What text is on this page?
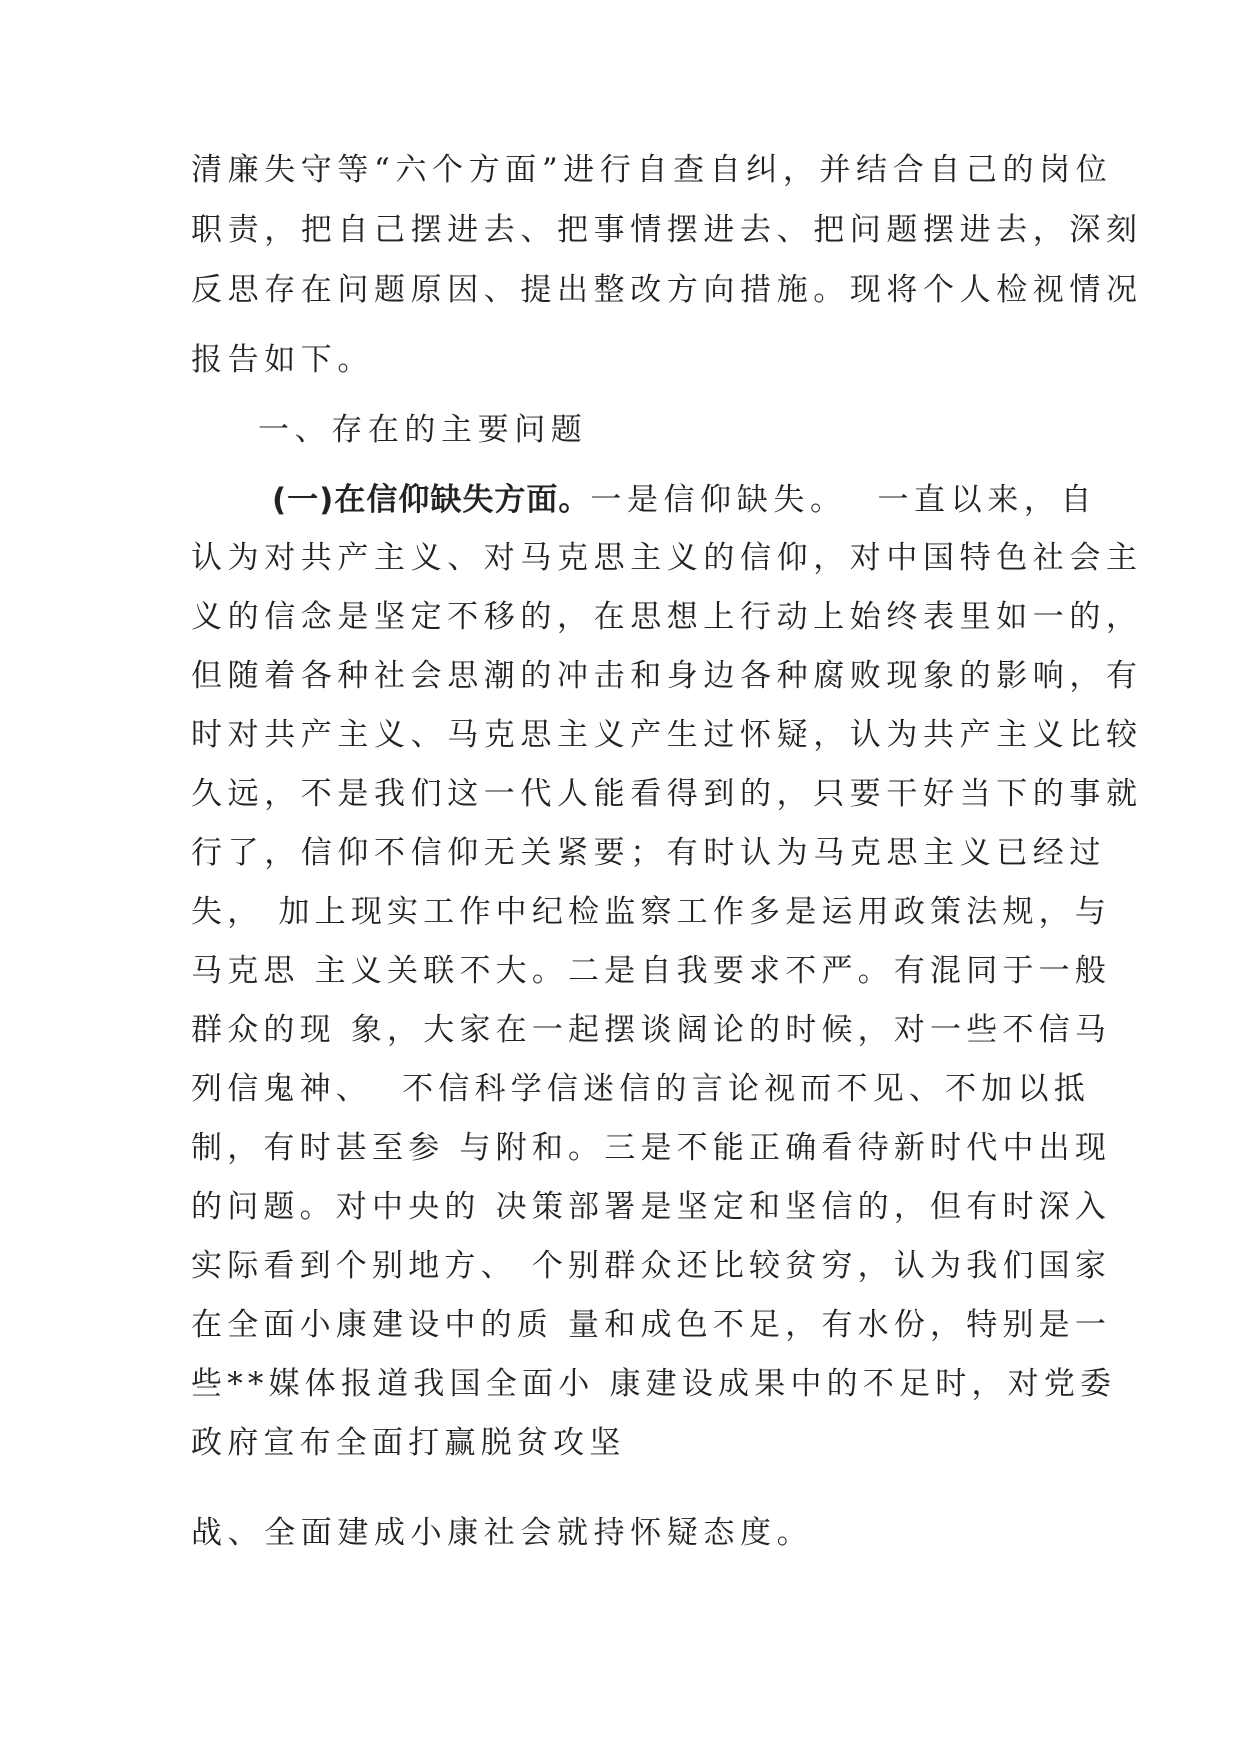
清廉失守等“六个方面”进行自查自纠，并结合自己的岗位
职责，把自己摆进去、把事情摆进去、把问题摆进去，深刻
反思存在问题原因、提出整改方向措施。现将个人检视情况
报告如下。
一、存在的主要问题
(一)在信仰缺失方面。一是信仰缺失。  一直以来，自
认为对共产主义、对马克思主义的信仰，对中国特色社会主
义的信念是坚定不移的，在思想上行动上始终表里如一的，
但随着各种社会思潮的冲击和身边各种腐败现象的影响，有
时对共产主义、马克思主义产生过怀疑，认为共产主义比较
久远，不是我们这一代人能看得到的，只要干好当下的事就
行了，信仰不信仰无关紧要；有时认为马克思主义已经过
失， 加上现实工作中纪检监察工作多是运用政策法规，与
马克思 主义关联不大。二是自我要求不严。有混同于一般
群众的现 象，大家在一起摆谈阔论的时候，对一些不信马
列信鬼神、  不信科学信迷信的言论视而不见、不加以抵
制，有时甚至参 与附和。三是不能正确看待新时代中出现
的问题。对中央的 决策部署是坚定和坚信的，但有时深入
实际看到个别地方、 个别群众还比较贫穷，认为我们国家
在全面小康建设中的质 量和成色不足，有水份，特别是一
些**媒体报道我国全面小 康建设成果中的不足时，对党委
政府宣布全面打赢脱贫攻坚
战、全面建成小康社会就持怀疑态度。
